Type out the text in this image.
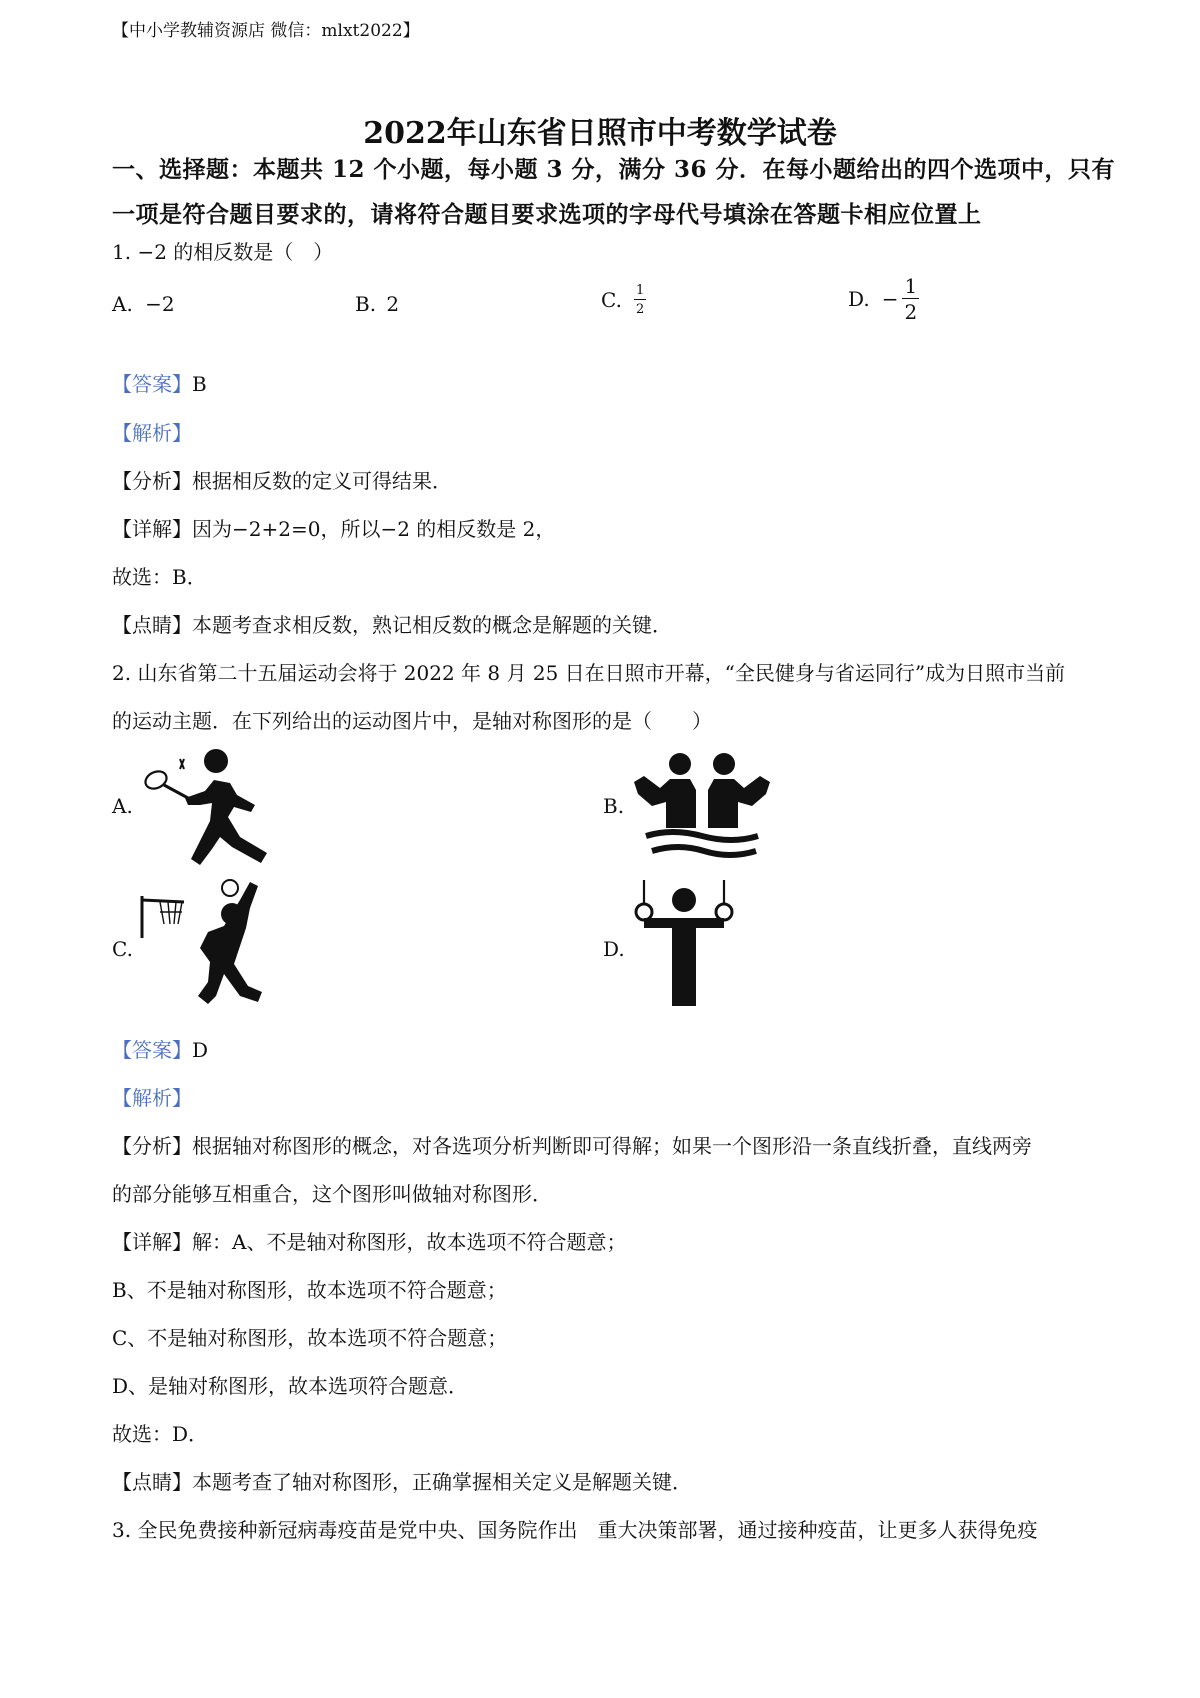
【中小学教辅资源店 微信：mlxt2022】
2022年山东省日照市中考数学试卷
一、选择题：本题共 12 个小题，每小题 3 分，满分 36 分．在每小题给出的四个选项中，只有
一项是符合题目要求的，请将符合题目要求选项的字母代号填涂在答题卡相应位置上
1. −2 的相反数是（　）
A. −2	B. 2	C. $\frac{1}{2}$	D. − $\frac{1}{2}$
【答案】B
【解析】
【分析】根据相反数的定义可得结果．
【详解】因为−2+2=0，所以−2 的相反数是 2，
故选：B．
【点睛】本题考查求相反数，熟记相反数的概念是解题的关键．
2. 山东省第二十五届运动会将于 2022 年 8 月 25 日在日照市开幕，“全民健身与省运同行”成为日照市当前
的运动主题．在下列给出的运动图片中，是轴对称图形的是（　　）
A.	B.
C.	D.
【答案】D
【解析】
【分析】根据轴对称图形的概念，对各选项分析判断即可得解；如果一个图形沿一条直线折叠，直线两旁
的部分能够互相重合，这个图形叫做轴对称图形．
【详解】解：A、不是轴对称图形，故本选项不符合题意；
B、不是轴对称图形，故本选项不符合题意；
C、不是轴对称图形，故本选项不符合题意；
D、是轴对称图形，故本选项符合题意．
故选：D．
【点睛】本题考查了轴对称图形，正确掌握相关定义是解题关键．
3. 全民免费接种新冠病毒疫苗是党中央、国务院作出　重大决策部署，通过接种疫苗，让更多人获得免疫
